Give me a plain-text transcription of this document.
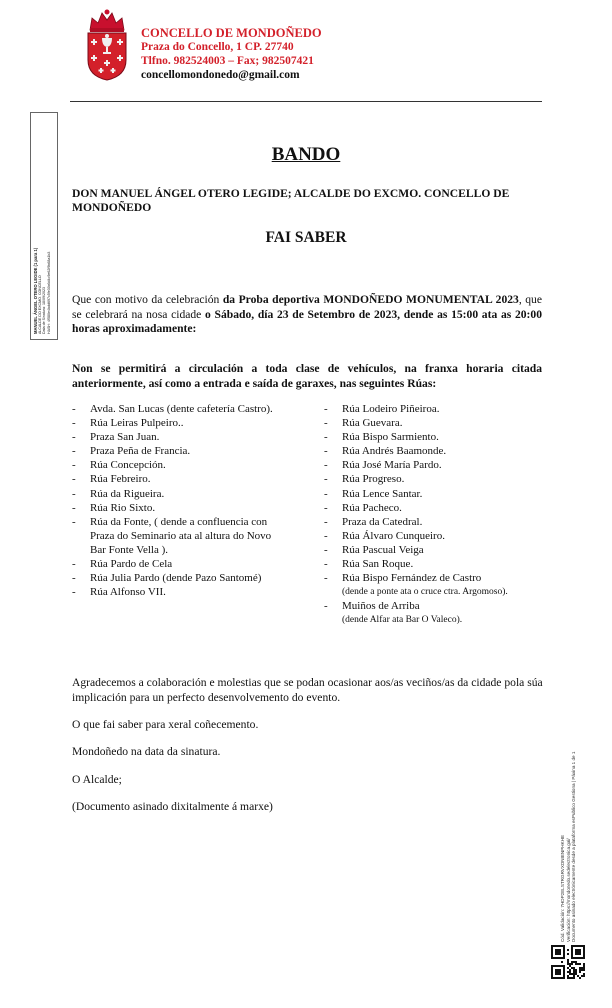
CONCELLO DE MONDOÑEDO
Praza do Concello, 1 CP. 27740
Tlfno. 982524003 – Fax; 982507421
concellomondonedo@gmail.com
MANUEL ÁNGEL OTERO LEGIDE (1 para 1) ALCALDE DO EXCMO. CONCELLO Data de Sinatura: 18/09/2023 HASH: 4f580e4bdd697c5fe30c6d4c9e62f9b68a1b3
BANDO
DON MANUEL ÁNGEL OTERO LEGIDE; ALCALDE DO EXCMO. CONCELLO DE MONDOÑEDO
FAI SABER
Que con motivo da celebración da Proba deportiva MONDOÑEDO MONUMENTAL 2023, que se celebrará na nosa cidade o Sábado, día 23 de Setembro de 2023, dende as 15:00 ata as 20:00 horas aproximadamente:
Non se permitirá a circulación a toda clase de vehículos, na franxa horaria citada anteriormente, así como a entrada e saída de garaxes, nas seguintes Rúas:
- Avda. San Lucas (dente cafetería Castro).
- Rúa Leiras Pulpeiro..
- Praza San Juan.
- Praza Peña de Francia.
- Rúa Concepción.
- Rúa Febreiro.
- Rúa da Rigueira.
- Rúa Rio Sixto.
- Rúa da Fonte, ( dende a confluencia con Praza do Seminario ata al altura do Novo Bar Fonte Vella ).
- Rúa Pardo de Cela
- Rúa Julia Pardo (dende Pazo Santomé)
- Rúa Alfonso VII.
- Rúa Lodeiro Piñeiroa.
- Rúa Guevara.
- Rúa Bispo Sarmiento.
- Rúa Andrés Baamonde.
- Rúa José María Pardo.
- Rúa Progreso.
- Rúa Lence Santar.
- Rúa Pacheco.
- Praza da Catedral.
- Rúa Álvaro Cunqueiro.
- Rúa Pascual Veiga
- Rúa San Roque.
- Rúa Bispo Fernández de Castro
(dende a ponte ata o cruce ctra. Argomoso).
- Muiños de Arriba
(dende Alfar ata Bar O Valeco).
Agradecemos a colaboración e molestias que se podan ocasionar aos/as veciños/as da cidade pola súa implicación para un perfecto desenvolvemento do evento.
O que fai saber para xeral coñecemento.
Mondoñedo na data da sinatura.
O Alcalde;
(Documento asinado dixitalmente á marxe)
Cód. Validación: 7HDP2ELSTRGRVXDNIENPHKHE Verificación: https://mondonedo.sedelectronica.gal/ Documento asinado electrónicamente desde a plataforma esPublico Gestiona | Páxina 1 de 1
